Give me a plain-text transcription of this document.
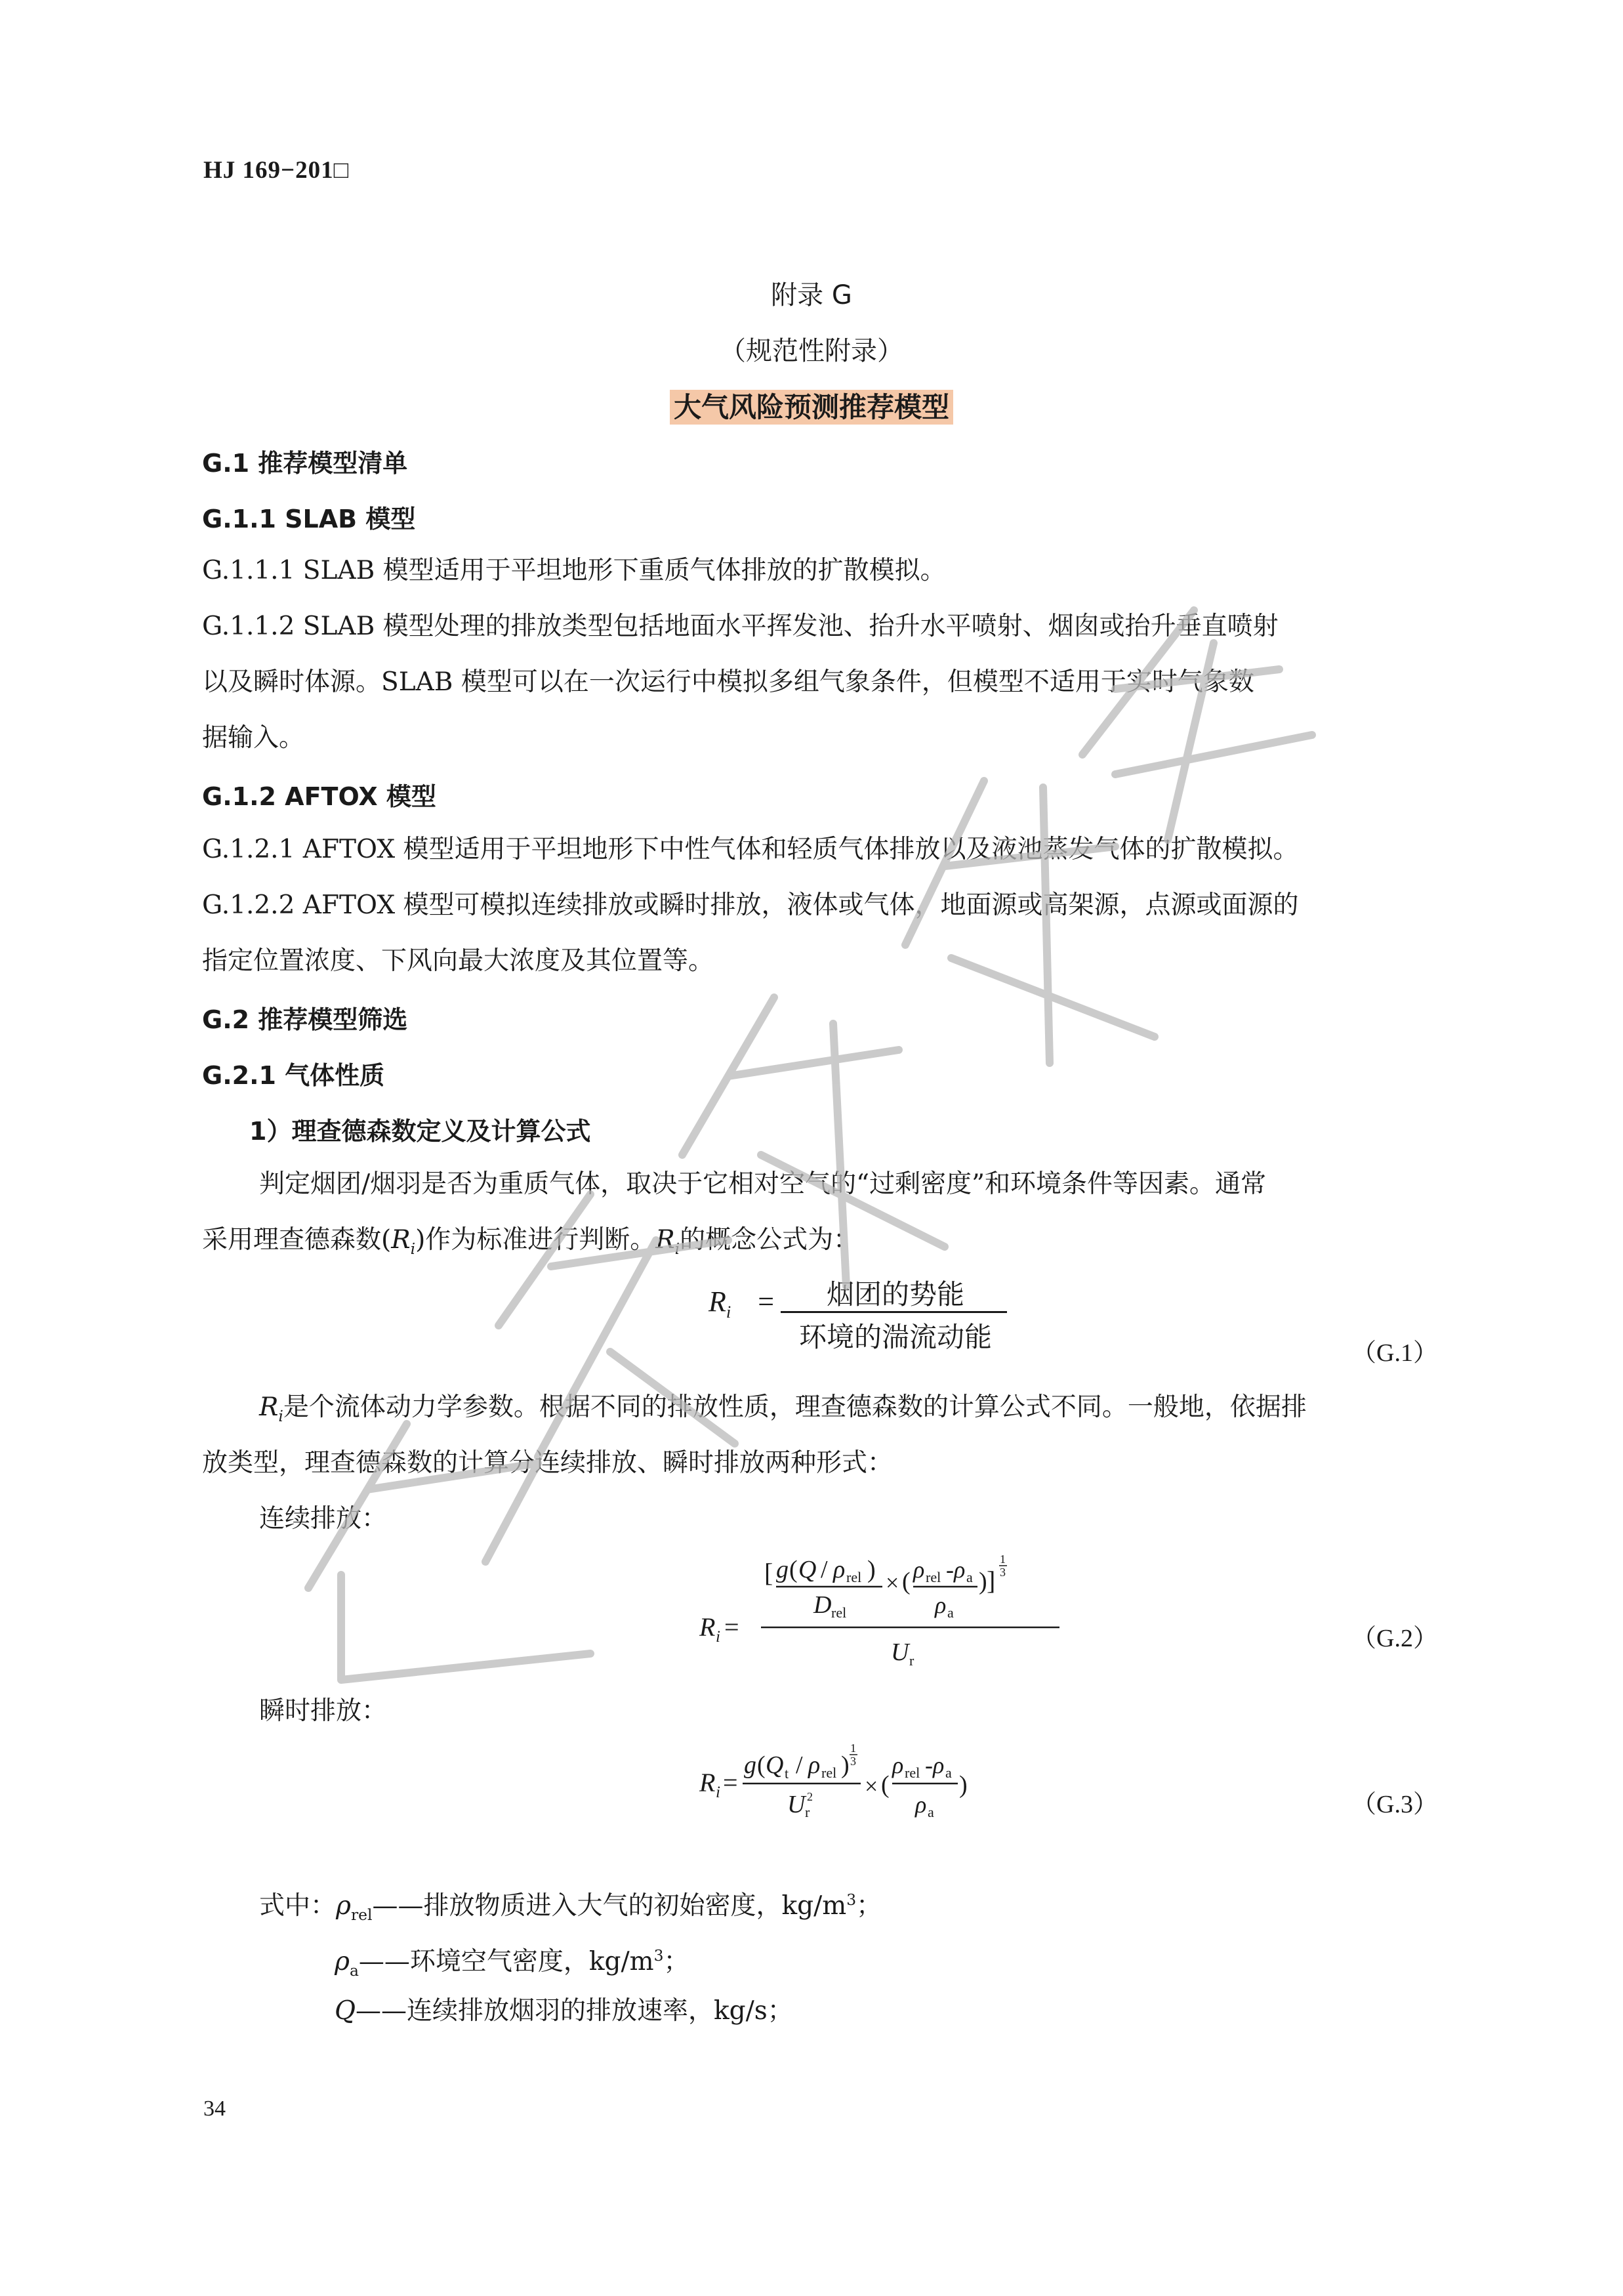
HJ 169−201□
附录 G
（规范性附录）
大气风险预测推荐模型
G.1 推荐模型清单
G.1.1 SLAB 模型
G.1.1.1 SLAB 模型适用于平坦地形下重质气体排放的扩散模拟。
G.1.1.2 SLAB 模型处理的排放类型包括地面水平挥发池、抬升水平喷射、烟囱或抬升垂直喷射
以及瞬时体源。SLAB 模型可以在一次运行中模拟多组气象条件，但模型不适用于实时气象数
据输入。
G.1.2 AFTOX 模型
G.1.2.1 AFTOX 模型适用于平坦地形下中性气体和轻质气体排放以及液池蒸发气体的扩散模拟。
G.1.2.2 AFTOX 模型可模拟连续排放或瞬时排放，液体或气体，地面源或高架源，点源或面源的
指定位置浓度、下风向最大浓度及其位置等。
G.2 推荐模型筛选
G.2.1 气体性质
1）理查德森数定义及计算公式
判定烟团/烟羽是否为重质气体，取决于它相对空气的“过剩密度”和环境条件等因素。通常
采用理查德森数$(R_i)$作为标准进行判断。$R_i$的概念公式为：
$R_i$ =	烟团的势能
环境的湍流动能	（G.1）
$R_i$是个流体动力学参数。根据不同的排放性质，理查德森数的计算公式不同。一般地，依据排
放类型，理查德森数的计算分连续排放、瞬时排放两种形式：
连续排放：
R i =
[ g ( Q / ρ rel )
D rel
× ( ρ rel - ρ a
ρ a
) ]
1
3
U r
（G.2）
瞬时排放：
R i =
g ( Q t / ρ rel )
1
3
U r
2 × (
ρ rel - ρ a
ρ a
)
（G.3）
式中：$\rho_{rel}——$排放物质进入大气的初始密度，$kg/m^3$；
$\rho_a——$环境空气密度，$kg/m^3$；
Q——连续排放烟羽的排放速率，kg/s；
34
